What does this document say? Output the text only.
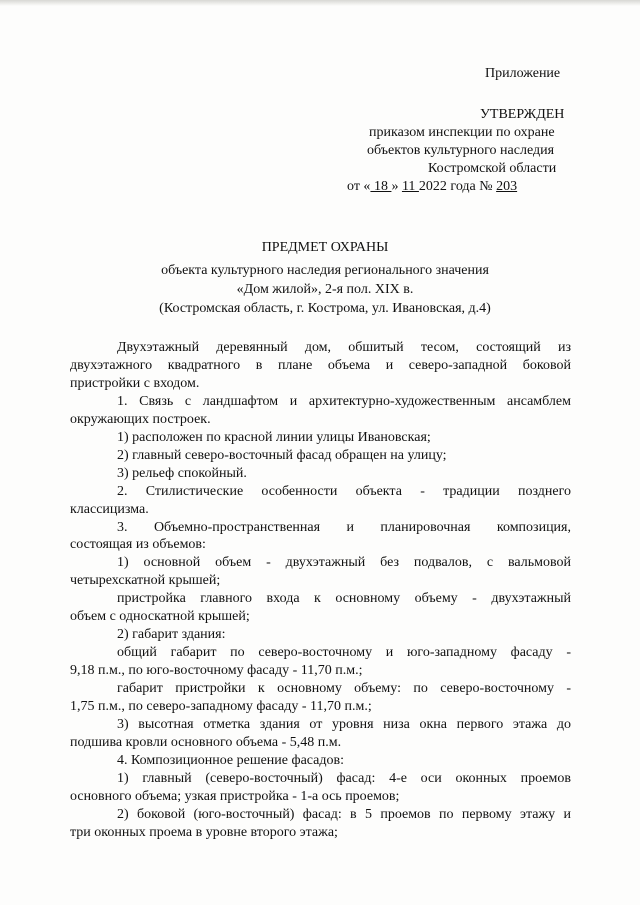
Приложение
УТВЕРЖДЕН
приказом инспекции по охране
объектов культурного наследия
Костромской области
от « 18 » 11 2022 года № 203
ПРЕДМЕТ ОХРАНЫ
объекта культурного наследия регионального значения
«Дом жилой», 2-я пол. XIX в.
(Костромская область, г. Кострома, ул. Ивановская, д.4)
Двухэтажный деревянный дом, обшитый тесом, состоящий из
двухэтажного квадратного в плане объема и северо-западной боковой
пристройки с входом.
1. Связь с ландшафтом и архитектурно-художественным ансамблем
окружающих построек.
1) расположен по красной линии улицы Ивановская;
2) главный северо-восточный фасад обращен на улицу;
3) рельеф спокойный.
2. Стилистические особенности объекта - традиции позднего
классицизма.
3. Объемно-пространственная и планировочная композиция,
состоящая из объемов:
1) основной объем - двухэтажный без подвалов, с вальмовой
четырехскатной крышей;
пристройка главного входа к основному объему - двухэтажный
объем с односкатной крышей;
2) габарит здания:
общий габарит по северо-восточному и юго-западному фасаду -
9,18 п.м., по юго-восточному фасаду - 11,70 п.м.;
габарит пристройки к основному объему: по северо-восточному -
1,75 п.м., по северо-западному фасаду - 11,70 п.м.;
3) высотная отметка здания от уровня низа окна первого этажа до
подшива кровли основного объема - 5,48 п.м.
4. Композиционное решение фасадов:
1) главный (северо-восточный) фасад: 4-е оси оконных проемов
основного объема; узкая пристройка - 1-а ось проемов;
2) боковой (юго-восточный) фасад: в 5 проемов по первому этажу и
три оконных проема в уровне второго этажа;
